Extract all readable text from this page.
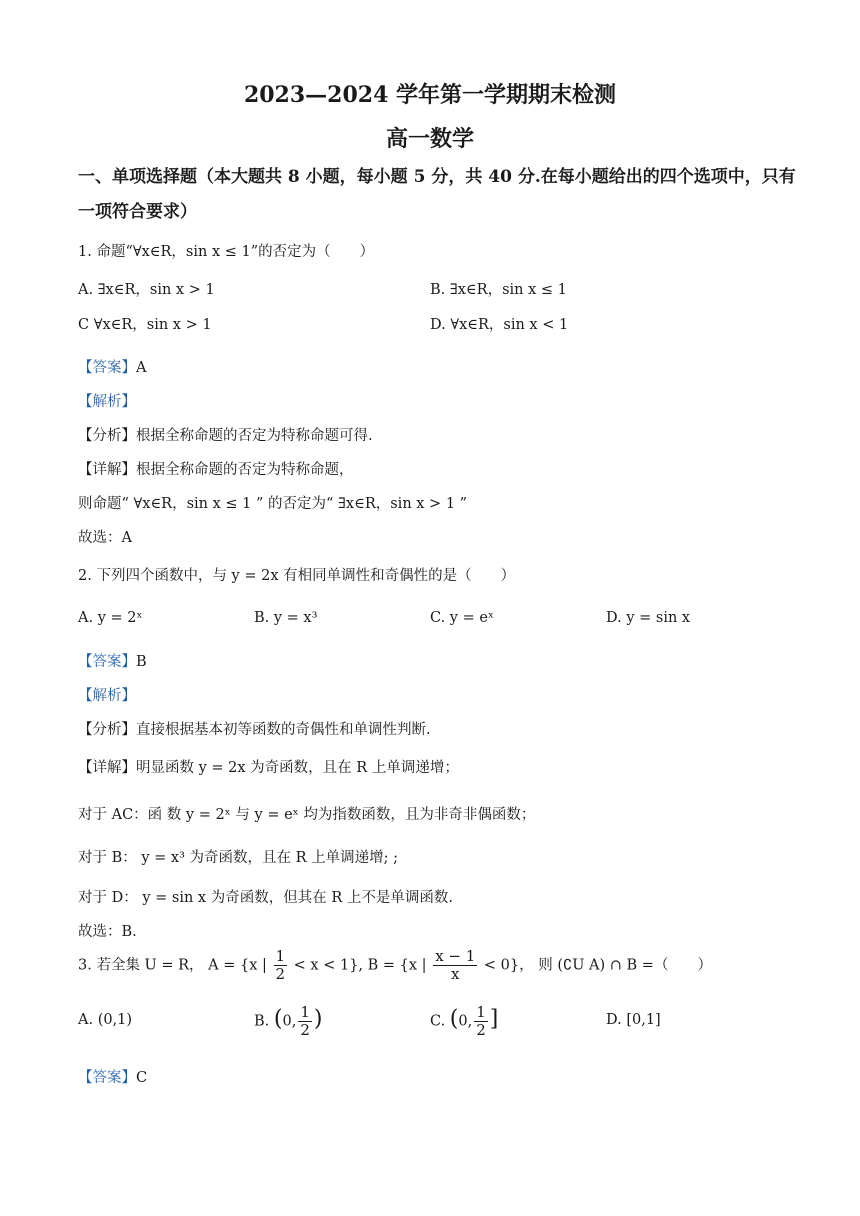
2023—2024 学年第一学期期末检测
高一数学
一、单项选择题（本大题共 8 小题，每小题 5 分，共 40 分.在每小题给出的四个选项中，只有
一项符合要求）
1. 命题“∀x∈R，sin x ≤ 1”的否定为（　　）
A. ∃x∈R，sin x > 1	B. ∃x∈R，sin x ≤ 1
C ∀x∈R，sin x > 1	D. ∀x∈R，sin x < 1
【答案】A
【解析】
【分析】根据全称命题的否定为特称命题可得.
【详解】根据全称命题的否定为特称命题，
则命题“ ∀x∈R，sin x ≤ 1 ” 的否定为“ ∃x∈R，sin x > 1 ”
故选：A
2. 下列四个函数中，与 y = 2x 有相同单调性和奇偶性的是（　　）
A. y = 2ˣ	B. y = x³	C. y = eˣ	D. y = sin x
【答案】B
【解析】
【分析】直接根据基本初等函数的奇偶性和单调性判断.
【详解】明显函数 y = 2x 为奇函数，且在 R 上单调递增；
对于 AC：函 数 y = 2ˣ 与 y = eˣ 均为指数函数，且为非奇非偶函数；
对于 B： y = x³ 为奇函数，且在 R 上单调递增; ;
对于 D： y = sin x 为奇函数，但其在 R 上不是单调函数.
故选：B.
3. 若全集 U = R， A = {x | $\frac{1}{2} < x < 1$}, B = {x | $\frac{x - 1}{x} < 0$}， 则 (∁U A) ∩ B =（　　）
A. (0,1)	B. (0, $\frac{1}{2}$ )	C. (0, $\frac{1}{2}$ ]	D. [0,1]
【答案】C
